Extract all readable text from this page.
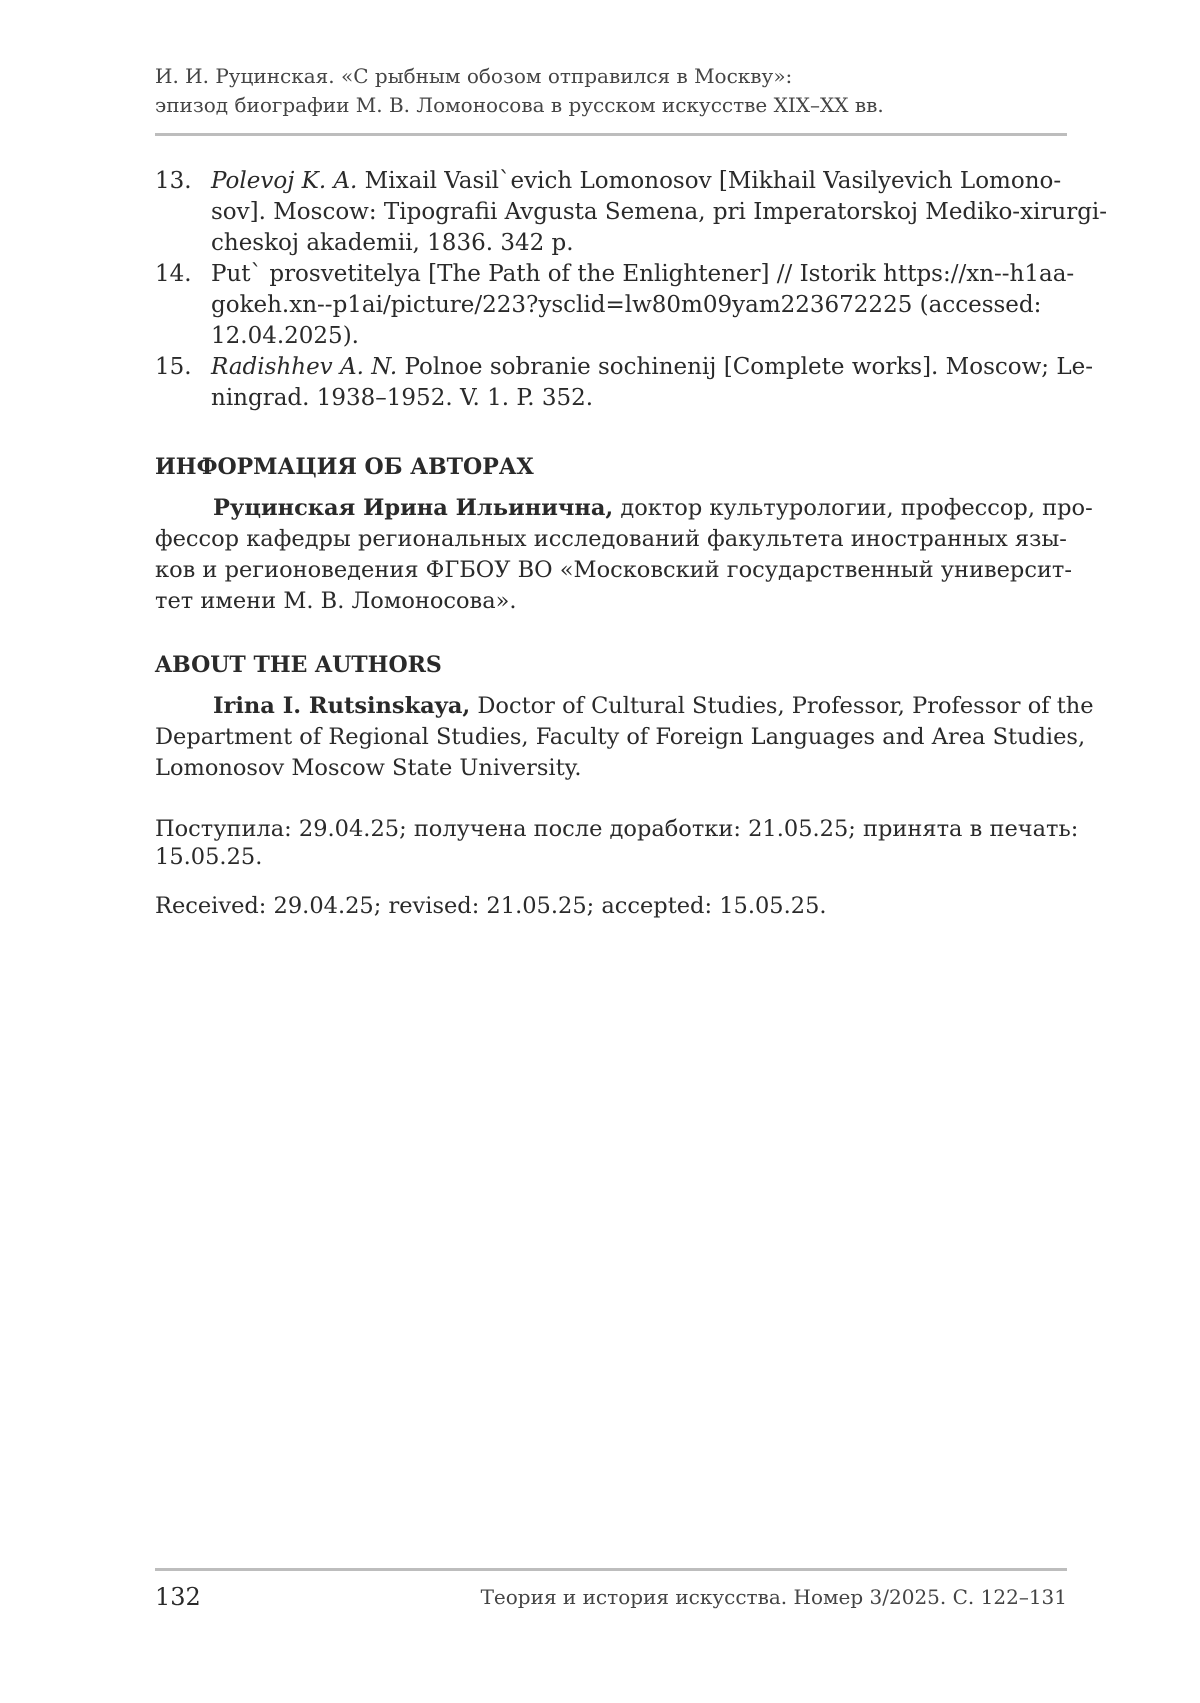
И. И. Руцинская. «С рыбным обозом отправился в Москву»:
эпизод биографии М. В. Ломоносова в русском искусстве XIX–XX вв.
13. Polevoj K. A. Mixail Vasil`evich Lomonosov [Mikhail Vasilyevich Lomono-
sov]. Moscow: Tipografii Avgusta Semena, pri Imperatorskoj Mediko-xirurgi-
cheskoj akademii, 1836. 342 p.
14. Put` prosvetitelya [The Path of the Enlightener] // Istorik https://xn--h1aa-
gokeh.xn--p1ai/picture/223?ysclid=lw80m09yam223672225 (accessed:
12.04.2025).
15. Radishhev A. N. Polnoe sobranie sochinenij [Complete works]. Moscow; Le-
ningrad. 1938–1952. V. 1. P. 352.
ИНФОРМАЦИЯ ОБ АВТОРАХ
Руцинская Ирина Ильинична, доктор культурологии, профессор, про-
фессор кафедры региональных исследований факультета иностранных язы-
ков и регионоведения ФГБОУ ВО «Московский государственный университ-
тет имени М. В. Ломоносова».
ABOUT THE AUTHORS
Irina I. Rutsinskaya, Doctor of Cultural Studies, Professor, Professor of the
Department of Regional Studies, Faculty of Foreign Languages and Area Studies,
Lomonosov Moscow State University.
Поступила: 29.04.25; получена после доработки: 21.05.25; принята в печать:
15.05.25.
Received: 29.04.25; revised: 21.05.25; accepted: 15.05.25.
132	Теория и история искусства. Номер 3/2025. С. 122–131
